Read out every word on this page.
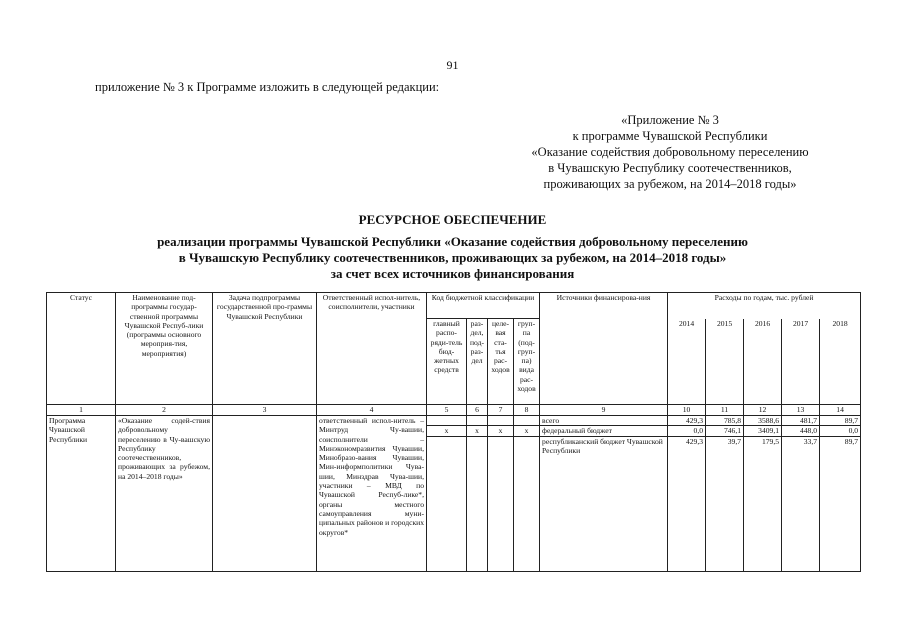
91
приложение № 3 к Программе изложить в следующей редакции:
«Приложение № 3
к программе Чувашской Республики
«Оказание содействия добровольному переселению
в Чувашскую Республику соотечественников,
проживающих за рубежом, на 2014–2018 годы»
РЕСУРСНОЕ ОБЕСПЕЧЕНИЕ
реализации программы Чувашской Республики «Оказание содействия добровольному переселению
в Чувашскую Республику соотечественников, проживающих за рубежом, на 2014–2018 годы»
за счет всех источников финансирования
Статус	Наименование под-программы государ-ственной программы Чувашской Респуб-лики (программы основного мероприя-тия, мероприятия)	Задача подпрограммы государственной про-граммы Чувашской Республики	Ответственный испол-нитель, соисполнители, участники	Код бюджетной классификации				Источники финансирова-ния	Расходы по годам, тыс. рублей				
				главный распо-ряди-тель бюд-жетных средств	раз-дел, под-раз-дел	целе-вая ста-тья рас-ходов	груп-па (под-груп-па) вида рас-ходов		2014	2015	2016	2017	2018
1	2	3	4	5	6	7	8	9	10	11	12	13	14
Программа Чувашской Республики	«Оказание содей-ствия добровольному переселению в Чу-вашскую Республику соотечественников, проживающих за рубежом, на 2014–2018 годы»		ответственный испол-нитель – Минтруд Чу-вашии, соисполнители – Минэкономразвития Чувашии, Минобразо-вания Чувашии, Мин-информполитики Чува-шии, Минздрав Чува-шии, участники – МВД по Чувашской Респуб-лике*, органы местного самоуправления муни-ципальных районов и городских округов*					всего	429,3	785,8	3588,6	481,7	89,7
				x	x	x	x	федеральный бюджет	0,0	746,1	3409,1	448,0	0,0
								республиканский бюджет Чувашской Республики	429,3	39,7	179,5	33,7	89,7
